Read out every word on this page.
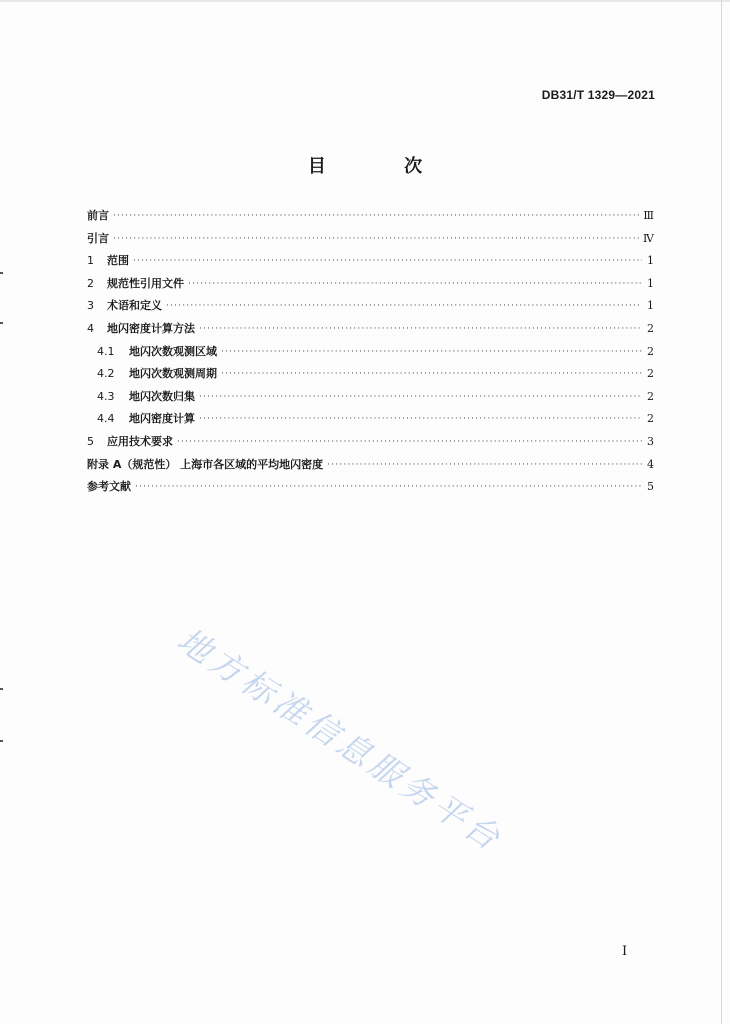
DB31/T 1329—2021
目 次
前言 ·····	Ⅲ
引言 ·····	Ⅳ
1 范围 ·····	1
2 规范性引用文件 ·····	1
3 术语和定义 ·····	1
4 地闪密度计算方法 ·····	2
4.1 地闪次数观测区域 ·····	2
4.2 地闪次数观测周期 ·····	2
4.3 地闪次数归集 ·····	2
4.4 地闪密度计算 ·····	2
5 应用技术要求 ·····	3
附录 A（规范性） 上海市各区域的平均地闪密度 ·····	4
参考文献 ·····	5
地方标准信息服务平台
I
